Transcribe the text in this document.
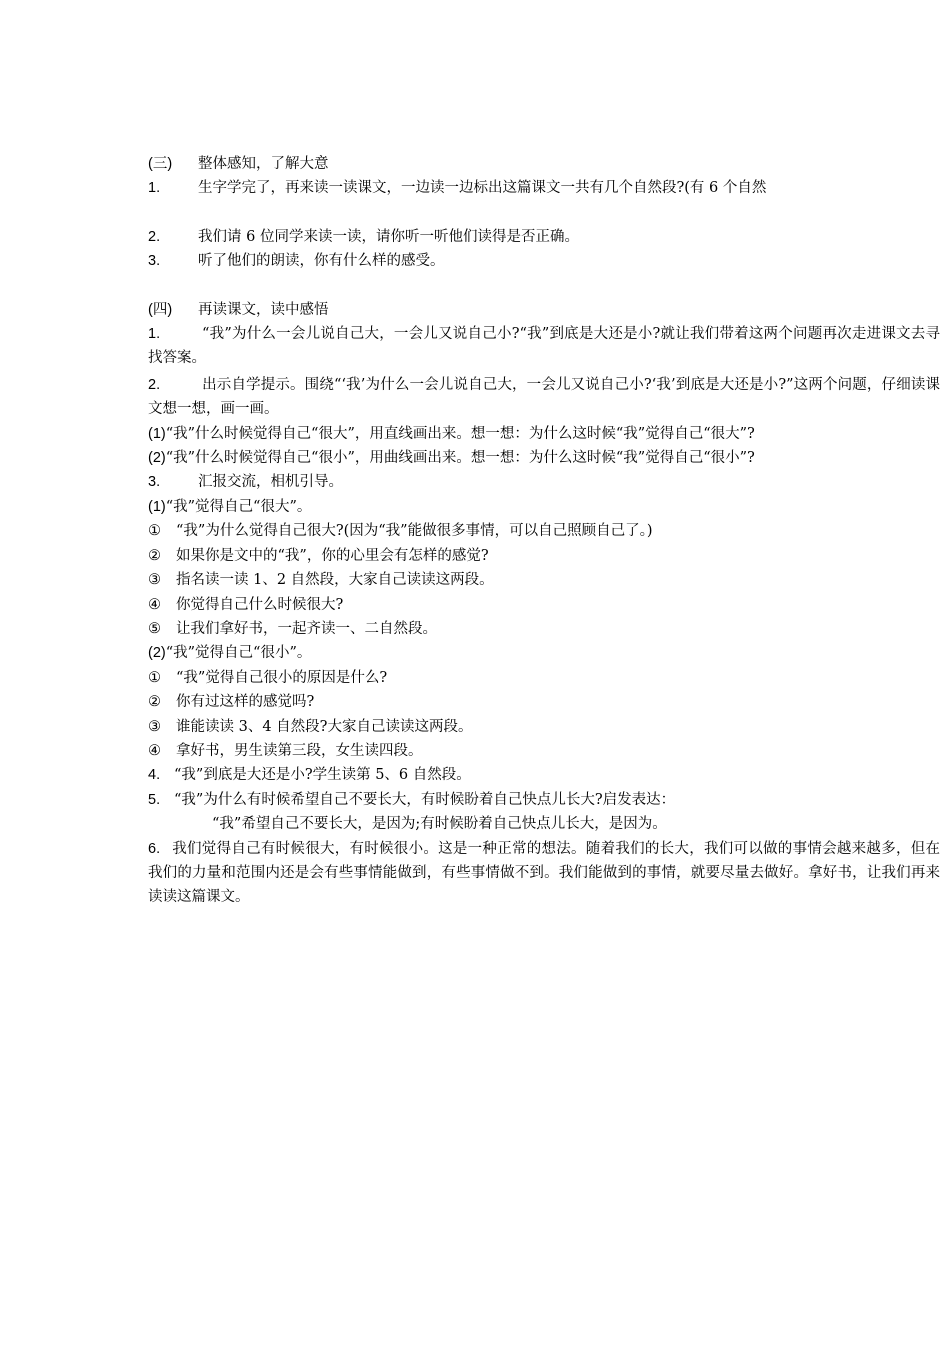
(三) 整体感知，了解大意
1.	生字学完了，再来读一读课文，一边读一边标出这篇课文一共有几个自然段?(有 6 个自然
2.	我们请 6 位同学来读一读，请你听一听他们读得是否正确。
3.	听了他们的朗读，你有什么样的感受。
(四) 再读课文，读中感悟
1.	“我”为什么一会儿说自己大，一会儿又说自己小?“我”到底是大还是小?就让我们带着这两个问题再次走进课文去寻找答案。
2.	出示自学提示。围绕“‘我’为什么一会儿说自己大，一会儿又说自己小?‘我’到底是大还是小?”这两个问题，仔细读课文想一想，画一画。
(1)“我”什么时候觉得自己“很大”，用直线画出来。想一想：为什么这时候“我”觉得自己“很大”?
(2)“我”什么时候觉得自己“很小”，用曲线画出来。想一想：为什么这时候“我”觉得自己“很小”?
3.	汇报交流，相机引导。
(1)“我”觉得自己“很大”。
① “我”为什么觉得自己很大?(因为“我”能做很多事情，可以自己照顾自己了。)
② 如果你是文中的“我”，你的心里会有怎样的感觉?
③ 指名读一读 1、2 自然段，大家自己读读这两段。
④ 你觉得自己什么时候很大?
⑤ 让我们拿好书，一起齐读一、二自然段。
(2)“我”觉得自己“很小”。
① “我”觉得自己很小的原因是什么?
② 你有过这样的感觉吗?
③ 谁能读读 3、4 自然段?大家自己读读这两段。
④ 拿好书，男生读第三段，女生读四段。
4. “我”到底是大还是小?学生读第 5、6 自然段。
5. “我”为什么有时候希望自己不要长大，有时候盼着自己快点儿长大?启发表达：
“我”希望自己不要长大，是因为;有时候盼着自己快点儿长大，是因为。
6. 我们觉得自己有时候很大，有时候很小。这是一种正常的想法。随着我们的长大，我们可以做的事情会越来越多，但在我们的力量和范围内还是会有些事情能做到，有些事情做不到。我们能做到的事情，就要尽量去做好。拿好书，让我们再来读读这篇课文。
